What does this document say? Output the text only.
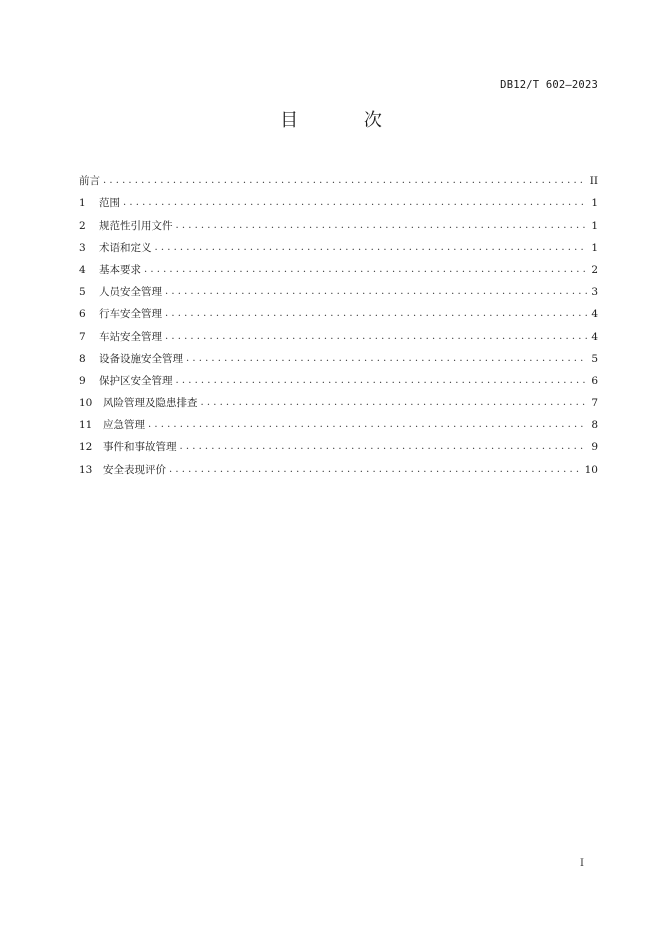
DB12/T 602—2023
目 次
前言 . . .	II
1	范围 . . .	1
2	规范性引用文件 . . .	1
3	术语和定义 . . .	1
4	基本要求 . . .	2
5	人员安全管理 . . .	3
6	行车安全管理 . . .	4
7	车站安全管理 . . .	4
8	设备设施安全管理 . . .	5
9	保护区安全管理 . . .	6
10	风险管理及隐患排查 . . .	7
11	应急管理 . . .	8
12	事件和事故管理 . . .	9
13	安全表现评价 . . .	10
I
